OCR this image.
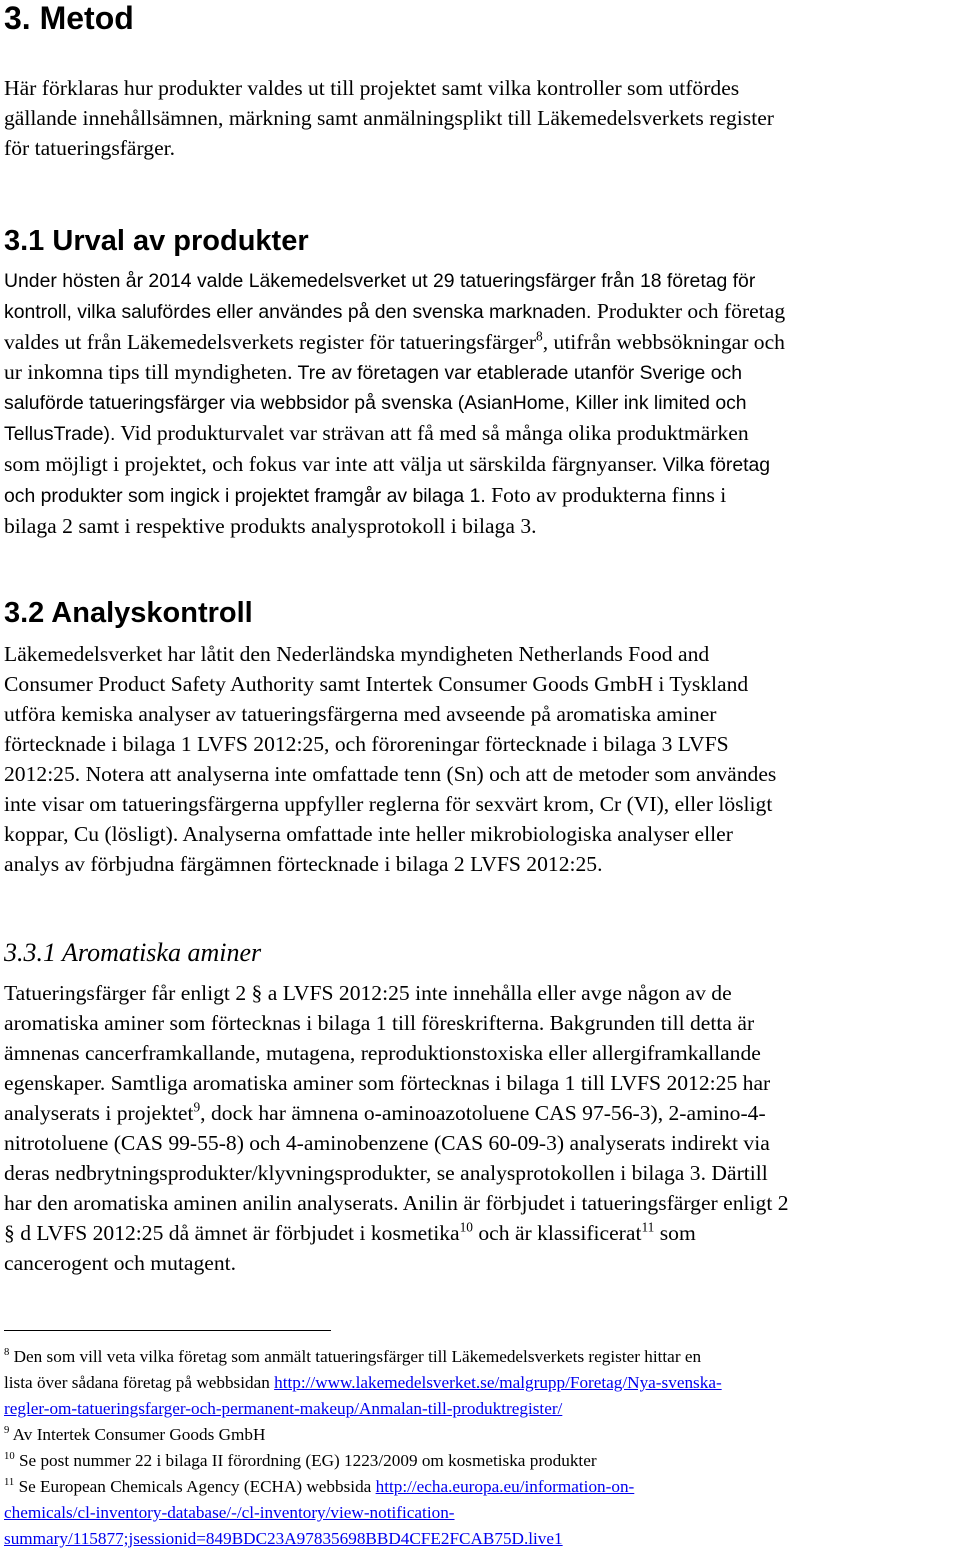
3. Metod

Här förklaras hur produkter valdes ut till projektet samt vilka kontroller som utfördes
gällande innehållsämnen, märkning samt anmälningsplikt till Läkemedelsverkets register
för tatueringsfärger.

3.1 Urval av produkter

Under hösten år 2014 valde Läkemedelsverket ut 29 tatueringsfärger från 18 företag för
kontroll, vilka salufördes eller användes på den svenska marknaden. Produkter och företag
valdes ut från Läkemedelsverkets register för tatueringsfärger$^8$, utifrån webbsökningar och
ur inkomna tips till myndigheten. Tre av företagen var etablerade utanför Sverige och
saluförde tatueringsfärger via webbsidor på svenska (AsianHome, Killer ink limited och
TellusTrade). Vid produkturvalet var strävan att få med så många olika produktmärken
som möjligt i projektet, och fokus var inte att välja ut särskilda färgnyanser. Vilka företag
och produkter som ingick i projektet framgår av bilaga 1. Foto av produkterna finns i
bilaga 2 samt i respektive produkts analysprotokoll i bilaga 3.

3.2 Analyskontroll

Läkemedelsverket har låtit den Nederländska myndigheten Netherlands Food and
Consumer Product Safety Authority samt Intertek Consumer Goods GmbH i Tyskland
utföra kemiska analyser av tatueringsfärgerna med avseende på aromatiska aminer
förtecknade i bilaga 1 LVFS 2012:25, och föroreningar förtecknade i bilaga 3 LVFS
2012:25. Notera att analyserna inte omfattade tenn (Sn) och att de metoder som användes
inte visar om tatueringsfärgerna uppfyller reglerna för sexvärt krom, Cr (VI), eller lösligt
koppar, Cu (lösligt). Analyserna omfattade inte heller mikrobiologiska analyser eller
analys av förbjudna färgämnen förtecknade i bilaga 2 LVFS 2012:25.

3.3.1 Aromatiska aminer

Tatueringsfärger får enligt 2 § a LVFS 2012:25 inte innehålla eller avge någon av de
aromatiska aminer som förtecknas i bilaga 1 till föreskrifterna. Bakgrunden till detta är
ämnenas cancerframkallande, mutagena, reproduktionstoxiska eller allergiframkallande
egenskaper. Samtliga aromatiska aminer som förtecknas i bilaga 1 till LVFS 2012:25 har
analyserats i projektet$^9$, dock har ämnena o-aminoazotoluene CAS 97-56-3), 2-amino-4-
nitrotoluene (CAS 99-55-8) och 4-aminobenzene (CAS 60-09-3) analyserats indirekt via
deras nedbrytningsprodukter/klyvningsprodukter, se analysprotokollen i bilaga 3. Därtill
har den aromatiska aminen anilin analyserats. Anilin är förbjudet i tatueringsfärger enligt 2
§ d LVFS 2012:25 då ämnet är förbjudet i kosmetika$^{10}$ och är klassificerat$^{11}$ som
cancerogent och mutagent.

$^8$ Den som vill veta vilka företag som anmält tatueringsfärger till Läkemedelsverkets register hittar en
lista över sådana företag på webbsidan http://www.lakemedelsverket.se/malgrupp/Foretag/Nya-svenska-
regler-om-tatueringsfarger-och-permanent-makeup/Anmalan-till-produktregister/
$^9$ Av Intertek Consumer Goods GmbH
$^{10}$ Se post nummer 22 i bilaga II förordning (EG) 1223/2009 om kosmetiska produkter
$^{11}$ Se European Chemicals Agency (ECHA) webbsida http://echa.europa.eu/information-on-
chemicals/cl-inventory-database/-/cl-inventory/view-notification-
summary/115877;jsessionid=849BDC23A97835698BBD4CFE2FCAB75D.live1
